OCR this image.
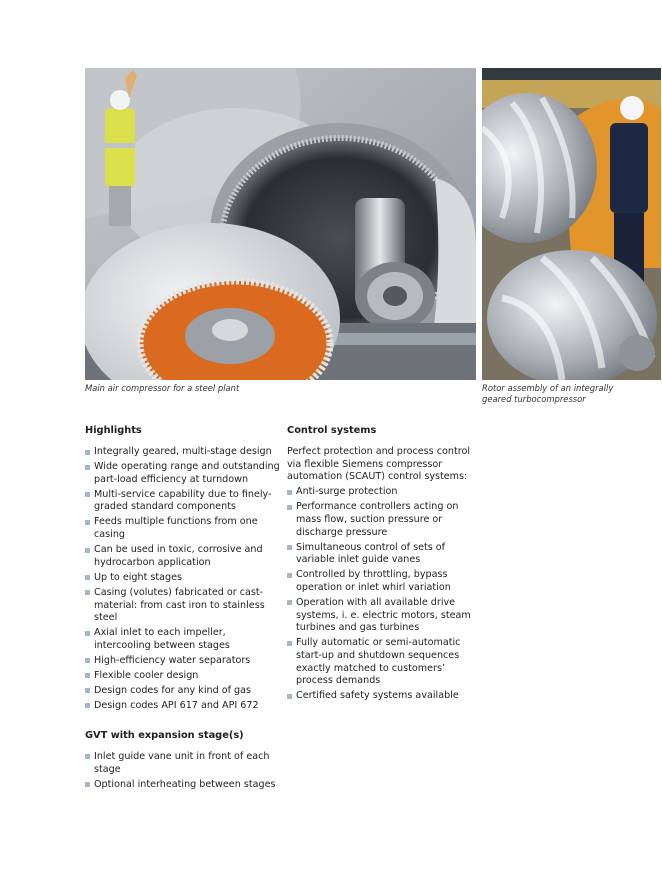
Main air compressor for a steel plant	Rotor assembly of an integrally geared turbocompressor

Highlights
Integrally geared, multi-stage design
Wide operating range and outstanding part-load efficiency at turndown
Multi-service capability due to finely-graded standard components
Feeds multiple functions from one casing
Can be used in toxic, corrosive and hydrocarbon application
Up to eight stages
Casing (volutes) fabricated or cast-material: from cast iron to stainless steel
Axial inlet to each impeller, intercooling between stages
High-efficiency water separators
Flexible cooler design
Design codes for any kind of gas
Design codes API 617 and API 672
GVT with expansion stage(s)
Inlet guide vane unit in front of each stage
Optional interheating between stages
Control systems

Perfect protection and process control via flexible Siemens compressor automation (SCAUT) control systems:

Anti-surge protection
Performance controllers acting on mass flow, suction pressure or discharge pressure
Simultaneous control of sets of variable inlet guide vanes
Controlled by throttling, bypass operation or inlet whirl variation
Operation with all available drive systems, i. e. electric motors, steam turbines and gas turbines
Fully automatic or semi-automatic start-up and shutdown sequences exactly matched to customers’ process demands
Certified safety systems available
